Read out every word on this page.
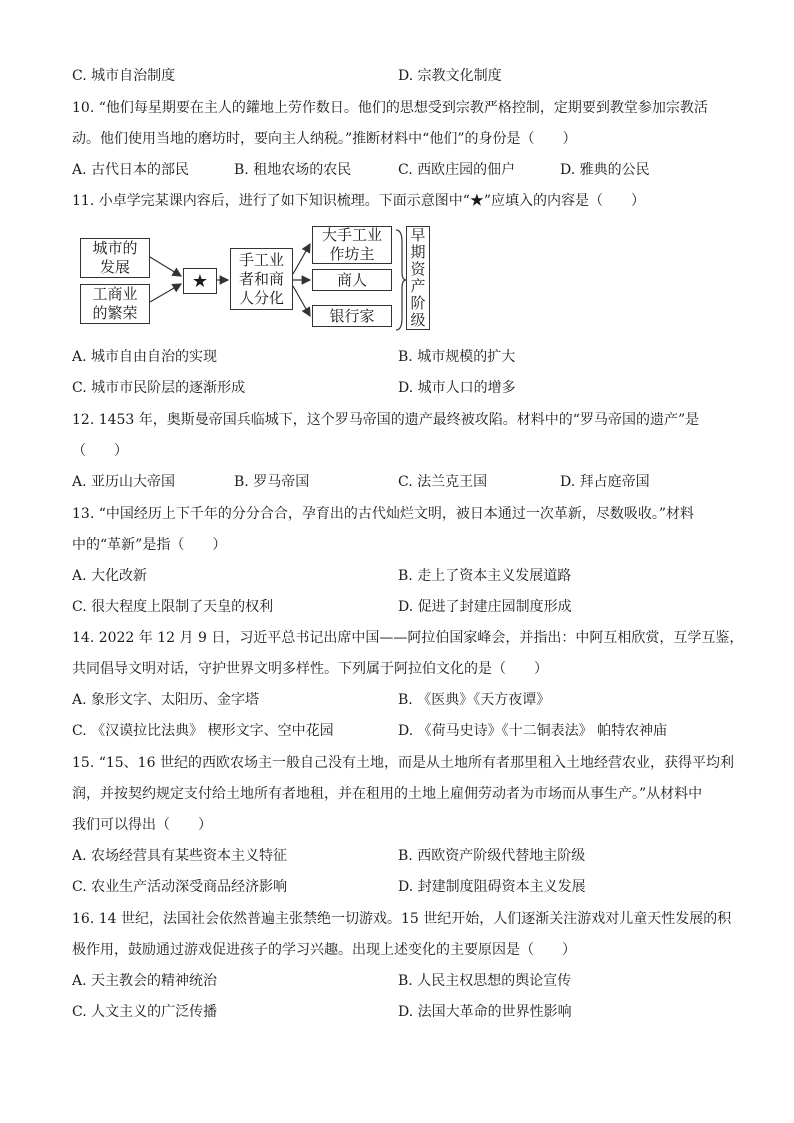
C. 城市自治制度	D. 宗教文化制度
10. “他们每星期要在主人的鑵地上劳作数日。他们的思想受到宗教严格控制，定期要到教堂参加宗教活
动。他们使用当地的磨坊时，要向主人纳税。”推断材料中“他们”的身份是（　　）
A. 古代日本的部民	B. 租地农场的农民	C. 西欧庄园的佃户	D. 雅典的公民
11. 小卓学完某课内容后，进行了如下知识梳理。下面示意图中“★”应填入的内容是（　　）
城市的
发展
工商业
的繁荣
★
手工业
者和商
人分化
大手工业
作坊主
商人
银行家
早
期
资
产
阶
级
A. 城市自由自治的实现	B. 城市规模的扩大
C. 城市市民阶层的逐渐形成	D. 城市人口的增多
12. 1453 年，奥斯曼帝国兵临城下，这个罗马帝国的遗产最终被攻陷。材料中的“罗马帝国的遗产”是
（　　）
A. 亚历山大帝国	B. 罗马帝国	C. 法兰克王国	D. 拜占庭帝国
13. “中国经历上下千年的分分合合，孕育出的古代灿烂文明，被日本通过一次革新，尽数吸收。”材料
中的“革新”是指（　　）
A. 大化改新	B. 走上了资本主义发展道路
C. 很大程度上限制了天皇的权利	D. 促进了封建庄园制度形成
14. 2022 年 12 月 9 日，习近平总书记出席中国——阿拉伯国家峰会，并指出：中阿互相欣赏，互学互鉴，
共同倡导文明对话，守护世界文明多样性。下列属于阿拉伯文化的是（　　）
A. 象形文字、太阳历、金字塔	B. 《医典》《天方夜谭》
C. 《汉谟拉比法典》 楔形文字、空中花园	D. 《荷马史诗》《十二铜表法》 帕特农神庙
15. “15、16 世纪的西欧农场主一般自己没有土地，而是从土地所有者那里租入土地经营农业，获得平均利
润，并按契约规定支付给土地所有者地租，并在租用的土地上雇佣劳动者为市场而从事生产。”从材料中
我们可以得出（　　）
A. 农场经营具有某些资本主义特征	B. 西欧资产阶级代替地主阶级
C. 农业生产活动深受商品经济影响	D. 封建制度阻碍资本主义发展
16. 14 世纪，法国社会依然普遍主张禁绝一切游戏。15 世纪开始，人们逐渐关注游戏对儿童天性发展的积
极作用，鼓励通过游戏促进孩子的学习兴趣。出现上述变化的主要原因是（　　）
A. 天主教会的精神统治	B. 人民主权思想的舆论宣传
C. 人文主义的广泛传播	D. 法国大革命的世界性影响
